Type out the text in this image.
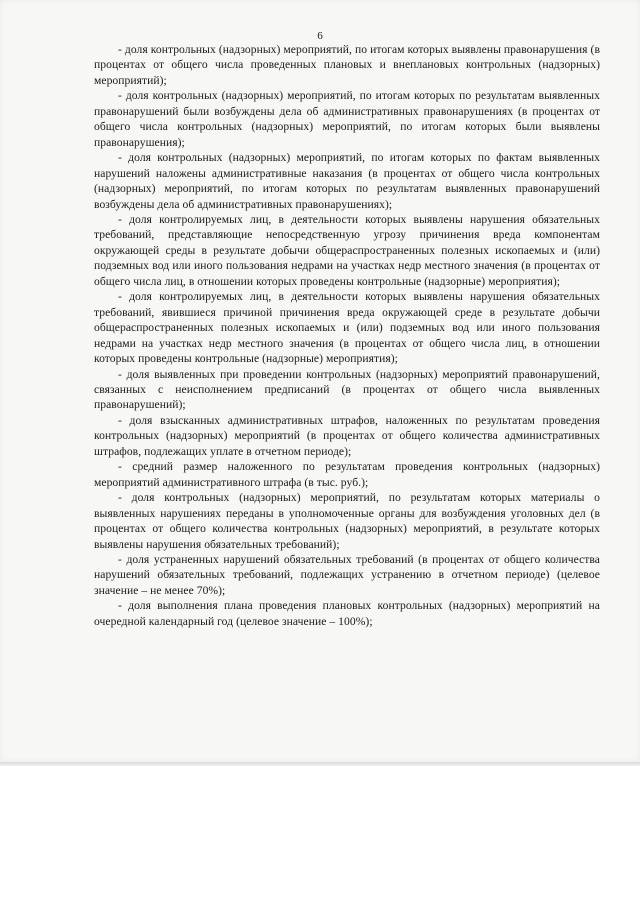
6

- доля контрольных (надзорных) мероприятий, по итогам которых выявлены правонарушения (в процентах от общего числа проведенных плановых и внеплановых контрольных (надзорных) мероприятий);

- доля контрольных (надзорных) мероприятий, по итогам которых по результатам выявленных правонарушений были возбуждены дела об административных правонарушениях (в процентах от общего числа контрольных (надзорных) мероприятий, по итогам которых были выявлены правонарушения);

- доля контрольных (надзорных) мероприятий, по итогам которых по фактам выявленных нарушений наложены административные наказания (в процентах от общего числа контрольных (надзорных) мероприятий, по итогам которых по результатам выявленных правонарушений возбуждены дела об административных правонарушениях);

- доля контролируемых лиц, в деятельности которых выявлены нарушения обязательных требований, представляющие непосредственную угрозу причинения вреда компонентам окружающей среды в результате добычи общераспространенных полезных ископаемых и (или) подземных вод или иного пользования недрами на участках недр местного значения (в процентах от общего числа лиц, в отношении которых проведены контрольные (надзорные) мероприятия);

- доля контролируемых лиц, в деятельности которых выявлены нарушения обязательных требований, явившиеся причиной причинения вреда окружающей среде в результате добычи общераспространенных полезных ископаемых и (или) подземных вод или иного пользования недрами на участках недр местного значения (в процентах от общего числа лиц, в отношении которых проведены контрольные (надзорные) мероприятия);

- доля выявленных при проведении контрольных (надзорных) мероприятий правонарушений, связанных с неисполнением предписаний (в процентах от общего числа выявленных правонарушений);

- доля взысканных административных штрафов, наложенных по результатам проведения контрольных (надзорных) мероприятий (в процентах от общего количества административных штрафов, подлежащих уплате в отчетном периоде);

- средний размер наложенного по результатам проведения контрольных (надзорных) мероприятий административного штрафа (в тыс. руб.);

- доля контрольных (надзорных) мероприятий, по результатам которых материалы о выявленных нарушениях переданы в уполномоченные органы для возбуждения уголовных дел (в процентах от общего количества контрольных (надзорных) мероприятий, в результате которых выявлены нарушения обязательных требований);

- доля устраненных нарушений обязательных требований (в процентах от общего количества нарушений обязательных требований, подлежащих устранению в отчетном периоде) (целевое значение – не менее 70%);

- доля выполнения плана проведения плановых контрольных (надзорных) мероприятий на очередной календарный год (целевое значение – 100%);
